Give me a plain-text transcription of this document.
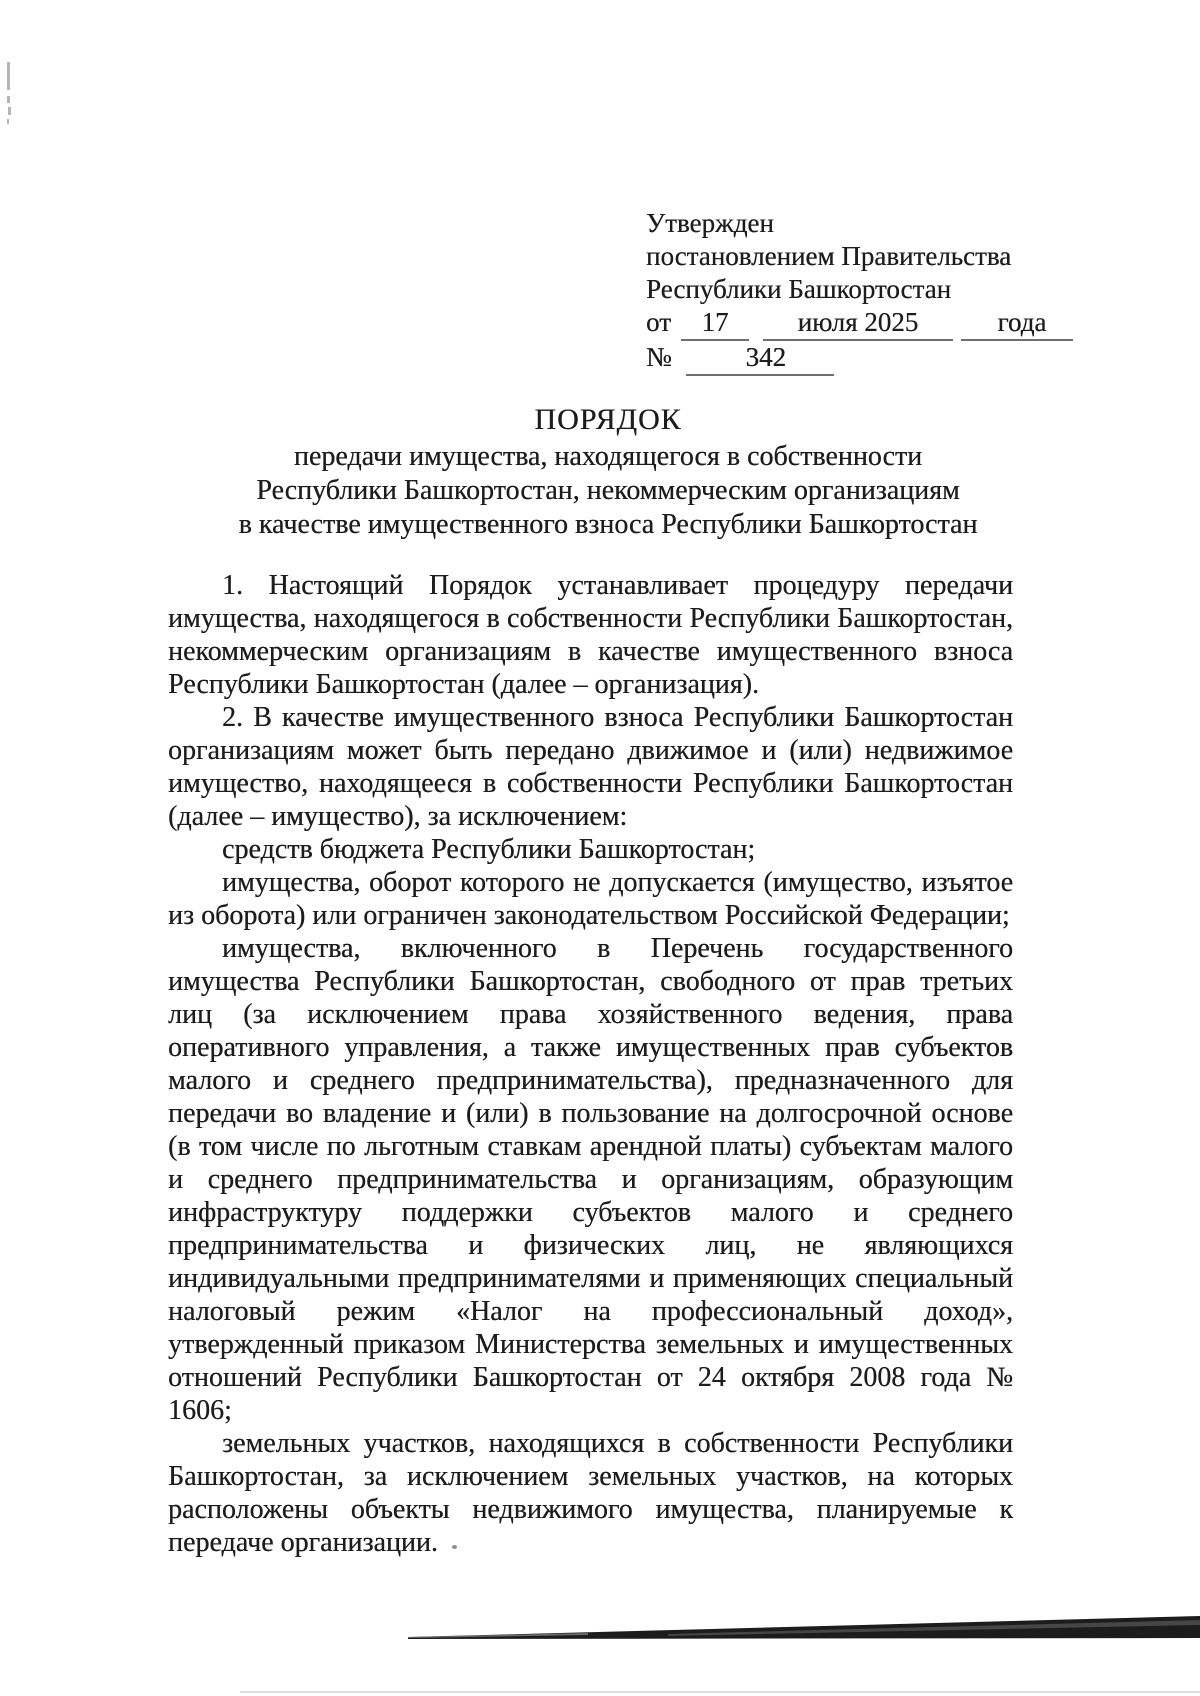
Утвержден
постановлением Правительства
Республики Башкортостан
от 17	июля 2025	года
№	342
ПОРЯДОК
передачи имущества, находящегося в собственности
Республики Башкортостан, некоммерческим организациям
в качестве имущественного взноса Республики Башкортостан

1. Настоящий Порядок устанавливает процедуру передачи имущества, находящегося в собственности Республики Башкортостан, некоммерческим организациям в качестве имущественного взноса Республики Башкортостан (далее – организация).

2. В качестве имущественного взноса Республики Башкортостан организациям может быть передано движимое и (или) недвижимое имущество, находящееся в собственности Республики Башкортостан (далее – имущество), за исключением:

средств бюджета Республики Башкортостан;

имущества, оборот которого не допускается (имущество, изъятое из оборота) или ограничен законодательством Российской Федерации;

имущества, включенного в Перечень государственного имущества Республики Башкортостан, свободного от прав третьих лиц (за исключением права хозяйственного ведения, права оперативного управления, а также имущественных прав субъектов малого и среднего предпринимательства), предназначенного для передачи во владение и (или) в пользование на долгосрочной основе (в том числе по льготным ставкам арендной платы) субъектам малого и среднего предпринимательства и организациям, образующим инфраструктуру поддержки субъектов малого и среднего предпринимательства и физических лиц, не являющихся индивидуальными предпринимателями и применяющих специальный налоговый режим «Налог на профессиональный доход», утвержденный приказом Министерства земельных и имущественных отношений Республики Башкортостан от 24 октября 2008 года № 1606;

земельных участков, находящихся в собственности Республики Башкортостан, за исключением земельных участков, на которых расположены объекты недвижимого имущества, планируемые к передаче организации.
